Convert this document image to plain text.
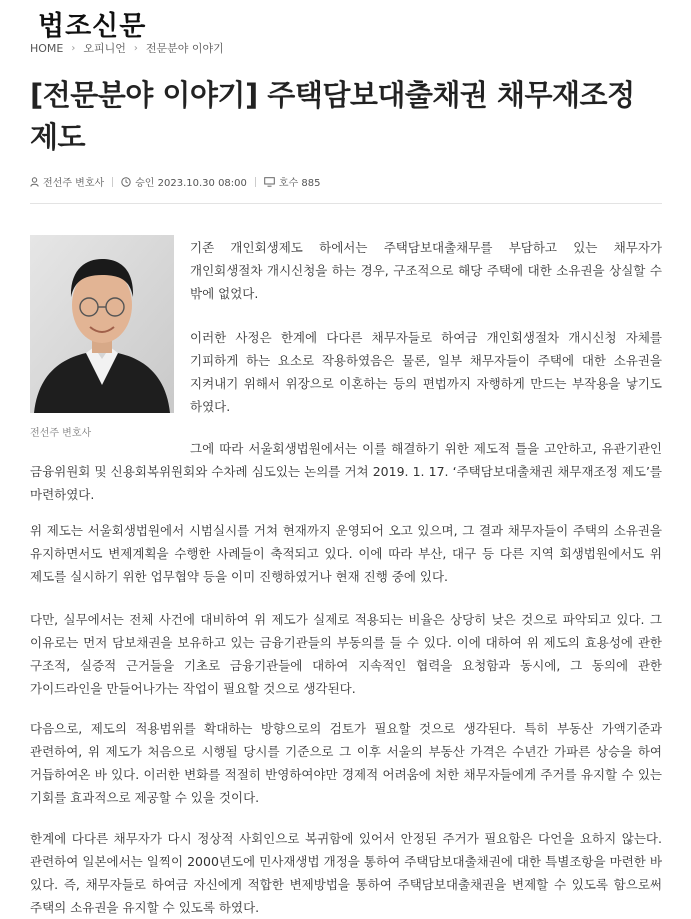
법조신문
HOME › 오피니언 › 전문분야 이야기
[전문분야 이야기] 주택담보대출채권 채무재조정 제도
전선주 변호사	승인 2023.10.30 08:00	호수 885
전선주 변호사

기존 개인회생제도 하에서는 주택담보대출채무를 부담하고 있는 채무자가 개인회생절차 개시신청을 하는 경우, 구조적으로 해당 주택에 대한 소유권을 상실할 수 밖에 없었다.

이러한 사정은 한계에 다다른 채무자들로 하여금 개인회생절차 개시신청 자체를 기피하게 하는 요소로 작용하였음은 물론, 일부 채무자들이 주택에 대한 소유권을 지켜내기 위해서 위장으로 이혼하는 등의 편법까지 자행하게 만드는 부작용을 낳기도 하였다.

그에 따라 서울회생법원에서는 이를 해결하기 위한 제도적 틀을 고안하고, 유관기관인 금융위원회 및 신용회복위원회와 수차례 심도있는 논의를 거쳐 2019. 1. 17. ‘주택담보대출채권 채무재조정 제도’를 마련하였다.

위 제도는 서울회생법원에서 시범실시를 거쳐 현재까지 운영되어 오고 있으며, 그 결과 채무자들이 주택의 소유권을 유지하면서도 변제계획을 수행한 사례들이 축적되고 있다. 이에 따라 부산, 대구 등 다른 지역 회생법원에서도 위 제도를 실시하기 위한 업무협약 등을 이미 진행하였거나 현재 진행 중에 있다.

다만, 실무에서는 전체 사건에 대비하여 위 제도가 실제로 적용되는 비율은 상당히 낮은 것으로 파악되고 있다. 그 이유로는 먼저 담보채권을 보유하고 있는 금융기관들의 부동의를 들 수 있다. 이에 대하여 위 제도의 효용성에 관한 구조적, 실증적 근거들을 기초로 금융기관들에 대하여 지속적인 협력을 요청함과 동시에, 그 동의에 관한 가이드라인을 만들어나가는 작업이 필요할 것으로 생각된다.

다음으로, 제도의 적용범위를 확대하는 방향으로의 검토가 필요할 것으로 생각된다. 특히 부동산 가액기준과 관련하여, 위 제도가 처음으로 시행될 당시를 기준으로 그 이후 서울의 부동산 가격은 수년간 가파른 상승을 하여 거듭하여온 바 있다. 이러한 변화를 적절히 반영하여야만 경제적 어려움에 처한 채무자들에게 주거를 유지할 수 있는 기회를 효과적으로 제공할 수 있을 것이다.

한계에 다다른 채무자가 다시 정상적 사회인으로 복귀함에 있어서 안정된 주거가 필요함은 다언을 요하지 않는다. 관련하여 일본에서는 일찍이 2000년도에 민사재생법 개정을 통하여 주택담보대출채권에 대한 특별조항을 마련한 바 있다. 즉, 채무자들로 하여금 자신에게 적합한 변제방법을 통하여 주택담보대출채권을 변제할 수 있도록 함으로써 주택의 소유권을 유지할 수 있도록 하였다.
